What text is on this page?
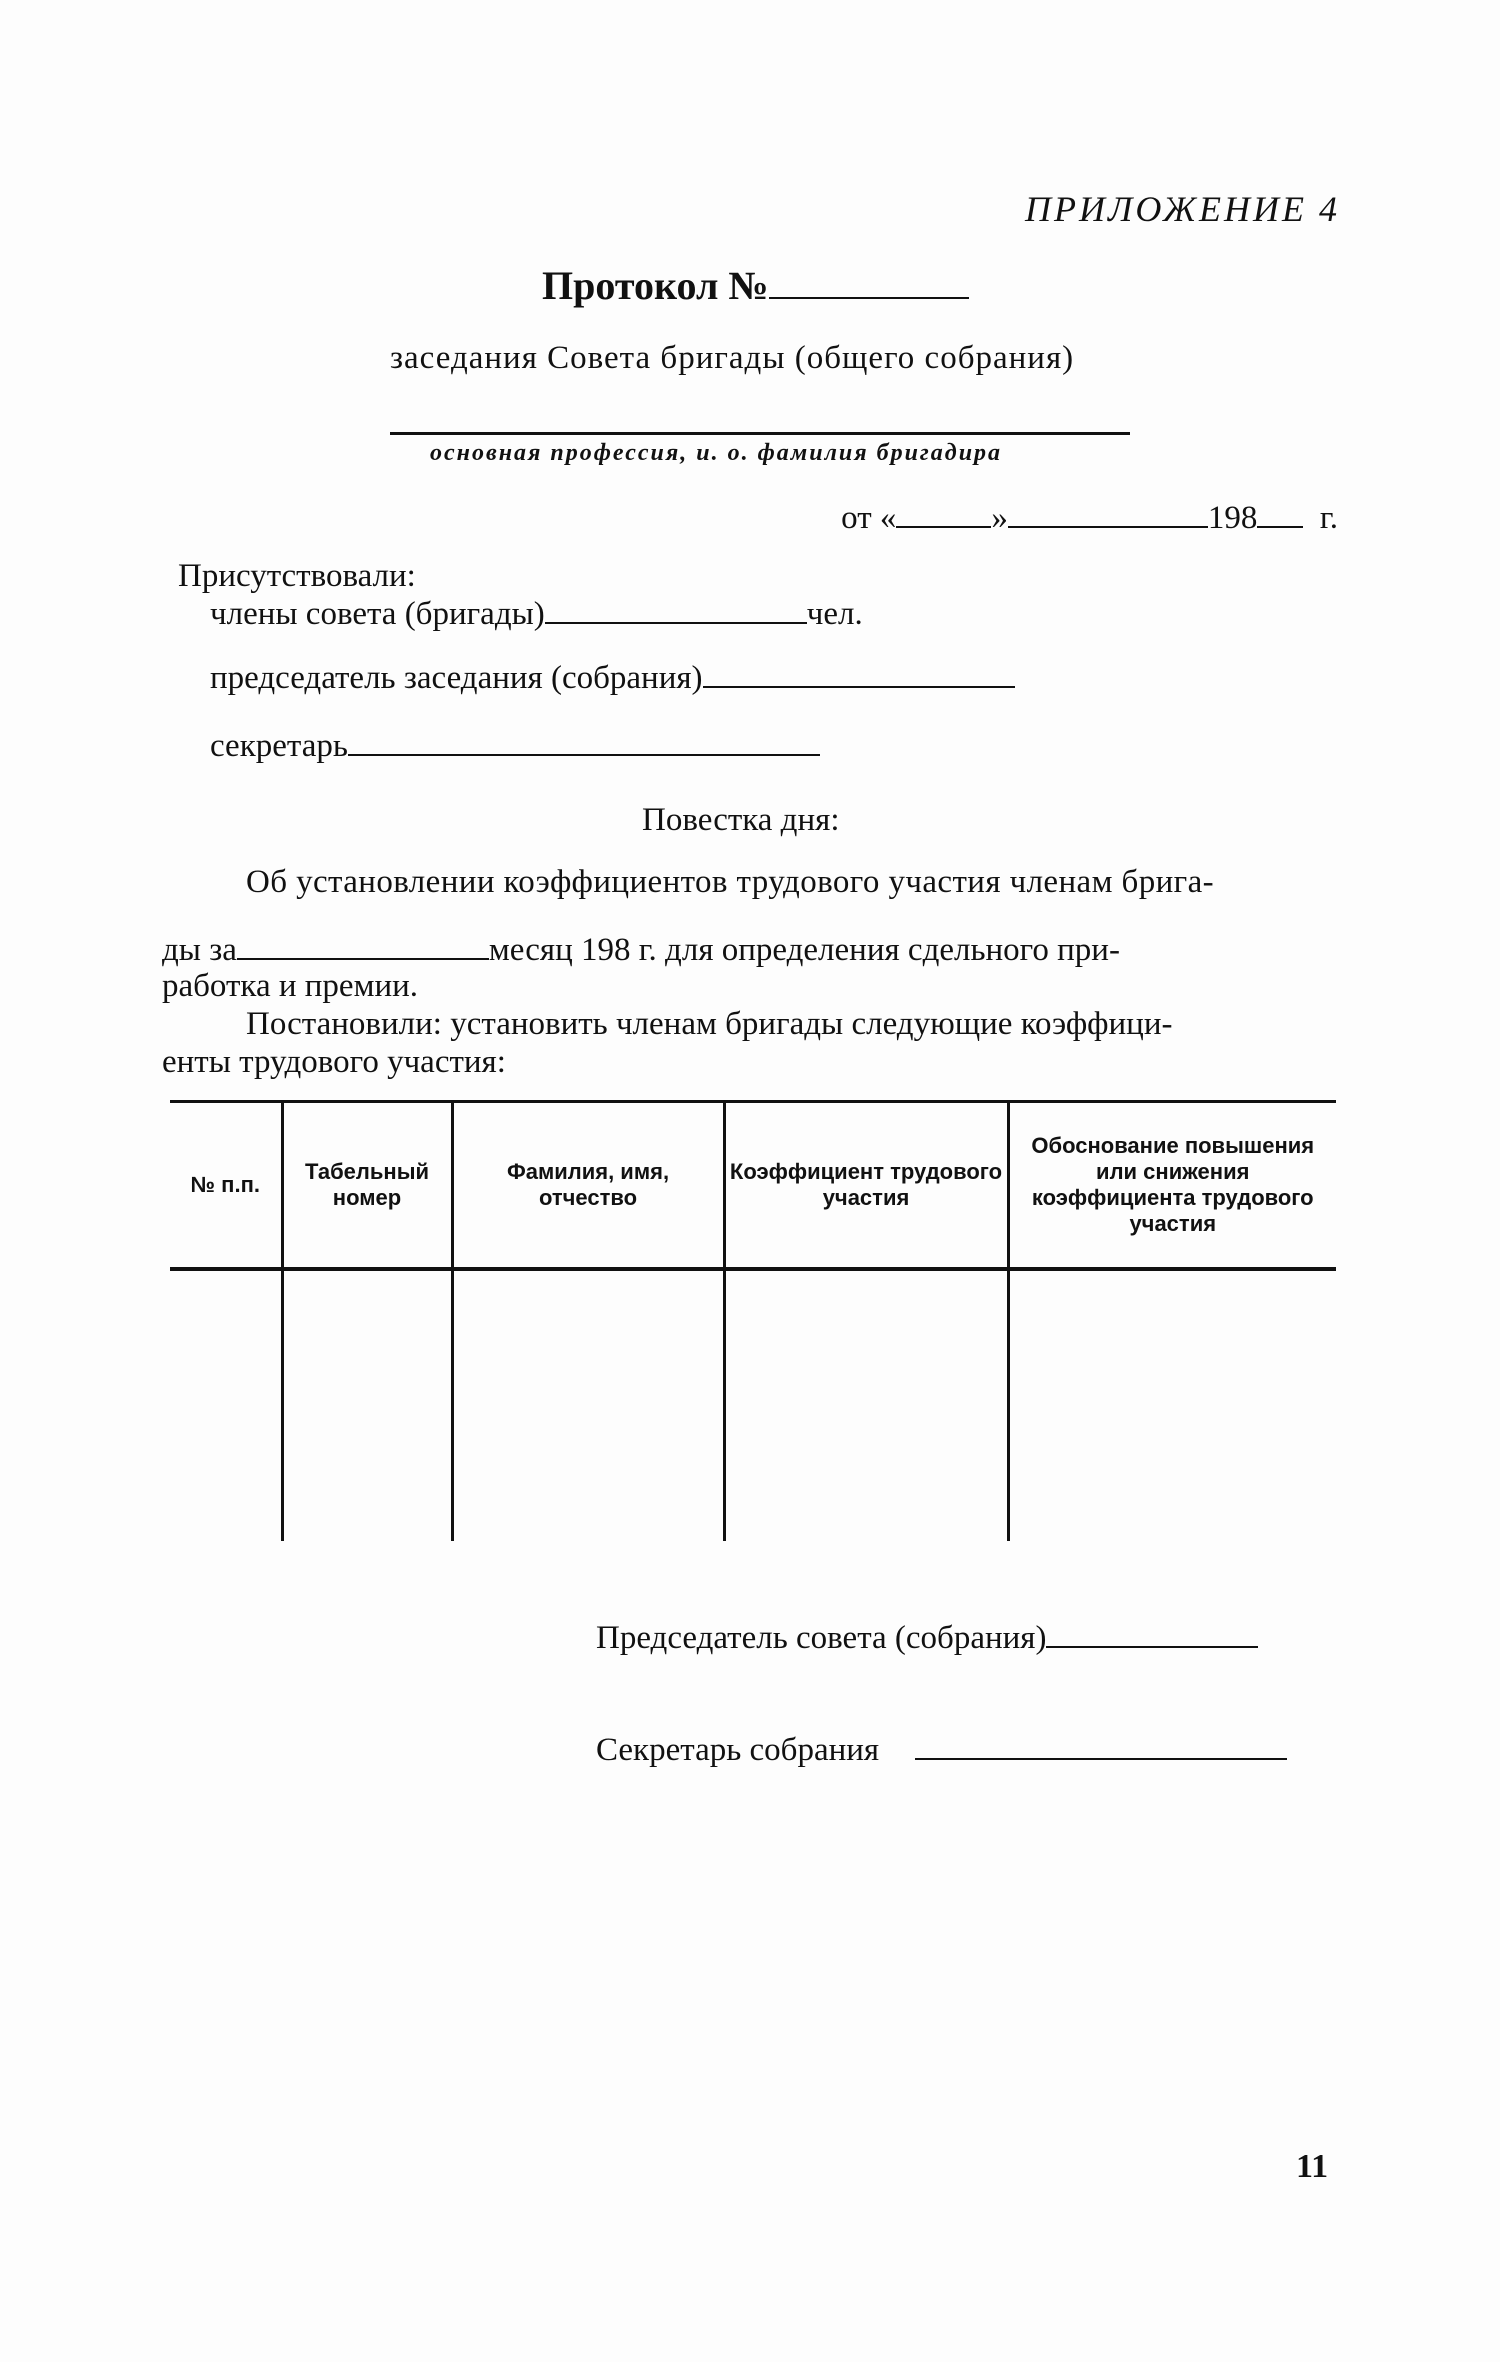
ПРИЛОЖЕНИЕ 4
Протокол №
заседания Совета бригады (общего собрания)
основная профессия, и. о. фамилия бригадира
от «	»	198 г.
Присутствовали:
члены совета (бригады)	чел.
председатель заседания (собрания)
секретарь
Повестка дня:
Об установлении коэффициентов трудового участия членам брига-
ды за	месяц 198 г. для определения сдельного при-
работка и премии.
Постановили: установить членам бригады следующие коэффици-
енты трудового участия:
№ п.п.	Табельный номер	Фамилия, имя, отчество	Коэффициент трудового участия	Обоснование повышения или снижения коэффициента трудового участия

Председатель совета (собрания)
Секретарь собрания
11
